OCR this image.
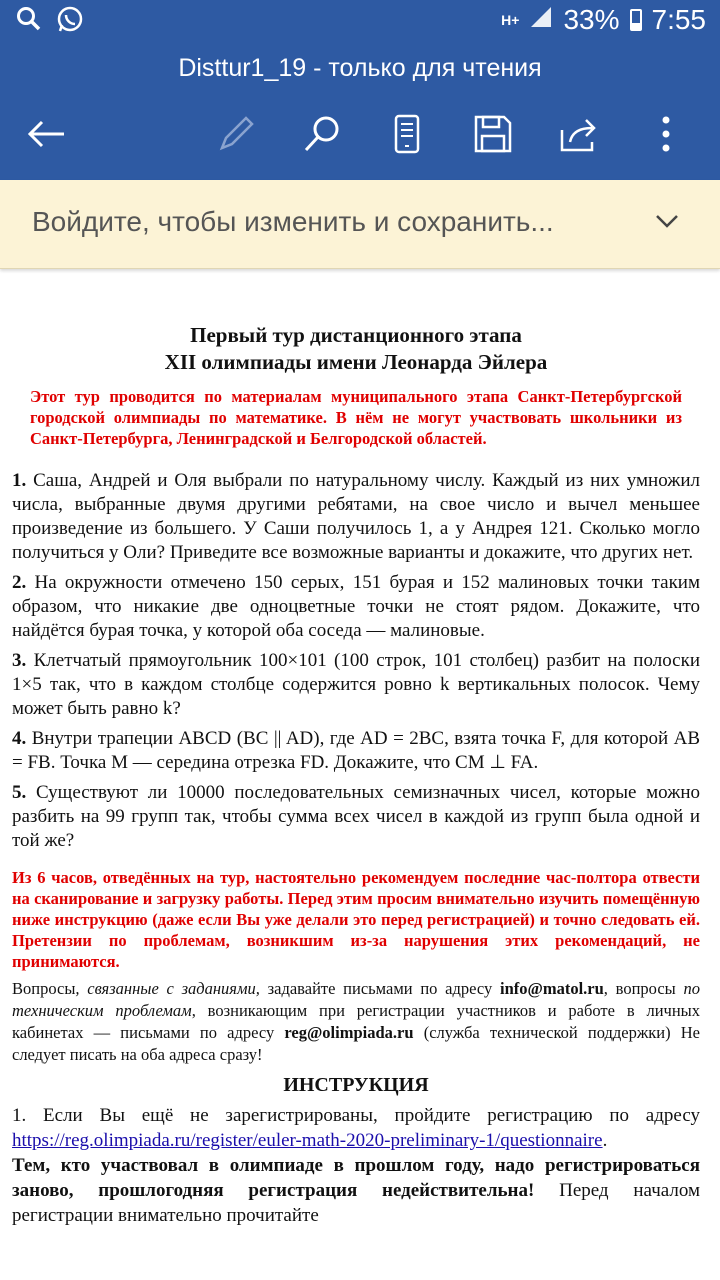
H+ 33% 7:55
Disttur1_19 - только для чтения
Войдите, чтобы изменить и сохранить...
Первый тур дистанционного этапа
XII олимпиады имени Леонарда Эйлера
Этот тур проводится по материалам муниципального этапа Санкт-Петербургской городской олимпиады по математике. В нём не могут участвовать школьники из Санкт-Петербурга, Ленинградской и Белгородской областей.
1. Саша, Андрей и Оля выбрали по натуральному числу. Каждый из них умножил числа, выбранные двумя другими ребятами, на свое число и вычел меньшее произведение из большего. У Саши получилось 1, а у Андрея 121. Сколько могло получиться у Оли? Приведите все возможные варианты и докажите, что других нет.
2. На окружности отмечено 150 серых, 151 бурая и 152 малиновых точки таким образом, что никакие две одноцветные точки не стоят рядом. Докажите, что найдётся бурая точка, у которой оба соседа — малиновые.
3. Клетчатый прямоугольник 100×101 (100 строк, 101 столбец) разбит на полоски 1×5 так, что в каждом столбце содержится ровно k вертикальных полосок. Чему может быть равно k?
4. Внутри трапеции ABCD (BC || AD), где AD = 2BC, взята точка F, для которой AB = FB. Точка M — середина отрезка FD. Докажите, что CM ⊥ FA.
5. Существуют ли 10000 последовательных семизначных чисел, которые можно разбить на 99 групп так, чтобы сумма всех чисел в каждой из групп была одной и той же?
Из 6 часов, отведённых на тур, настоятельно рекомендуем последние час-полтора отвести на сканирование и загрузку работы. Перед этим просим внимательно изучить помещённую ниже инструкцию (даже если Вы уже делали это перед регистрацией) и точно следовать ей. Претензии по проблемам, возникшим из-за нарушения этих рекомендаций, не принимаются.
Вопросы, связанные с заданиями, задавайте письмами по адресу info@matol.ru, вопросы по техническим проблемам, возникающим при регистрации участников и работе в личных кабинетах — письмами по адресу reg@olimpiada.ru (служба технической поддержки) Не следует писать на оба адреса сразу!
ИНСТРУКЦИЯ
1. Если Вы ещё не зарегистрированы, пройдите регистрацию по адресу https://reg.olimpiada.ru/register/euler-math-2020-preliminary-1/questionnaire.
Тем, кто участвовал в олимпиаде в прошлом году, надо регистрироваться заново, прошлогодняя регистрация недействительна! Перед началом регистрации внимательно прочитайте
